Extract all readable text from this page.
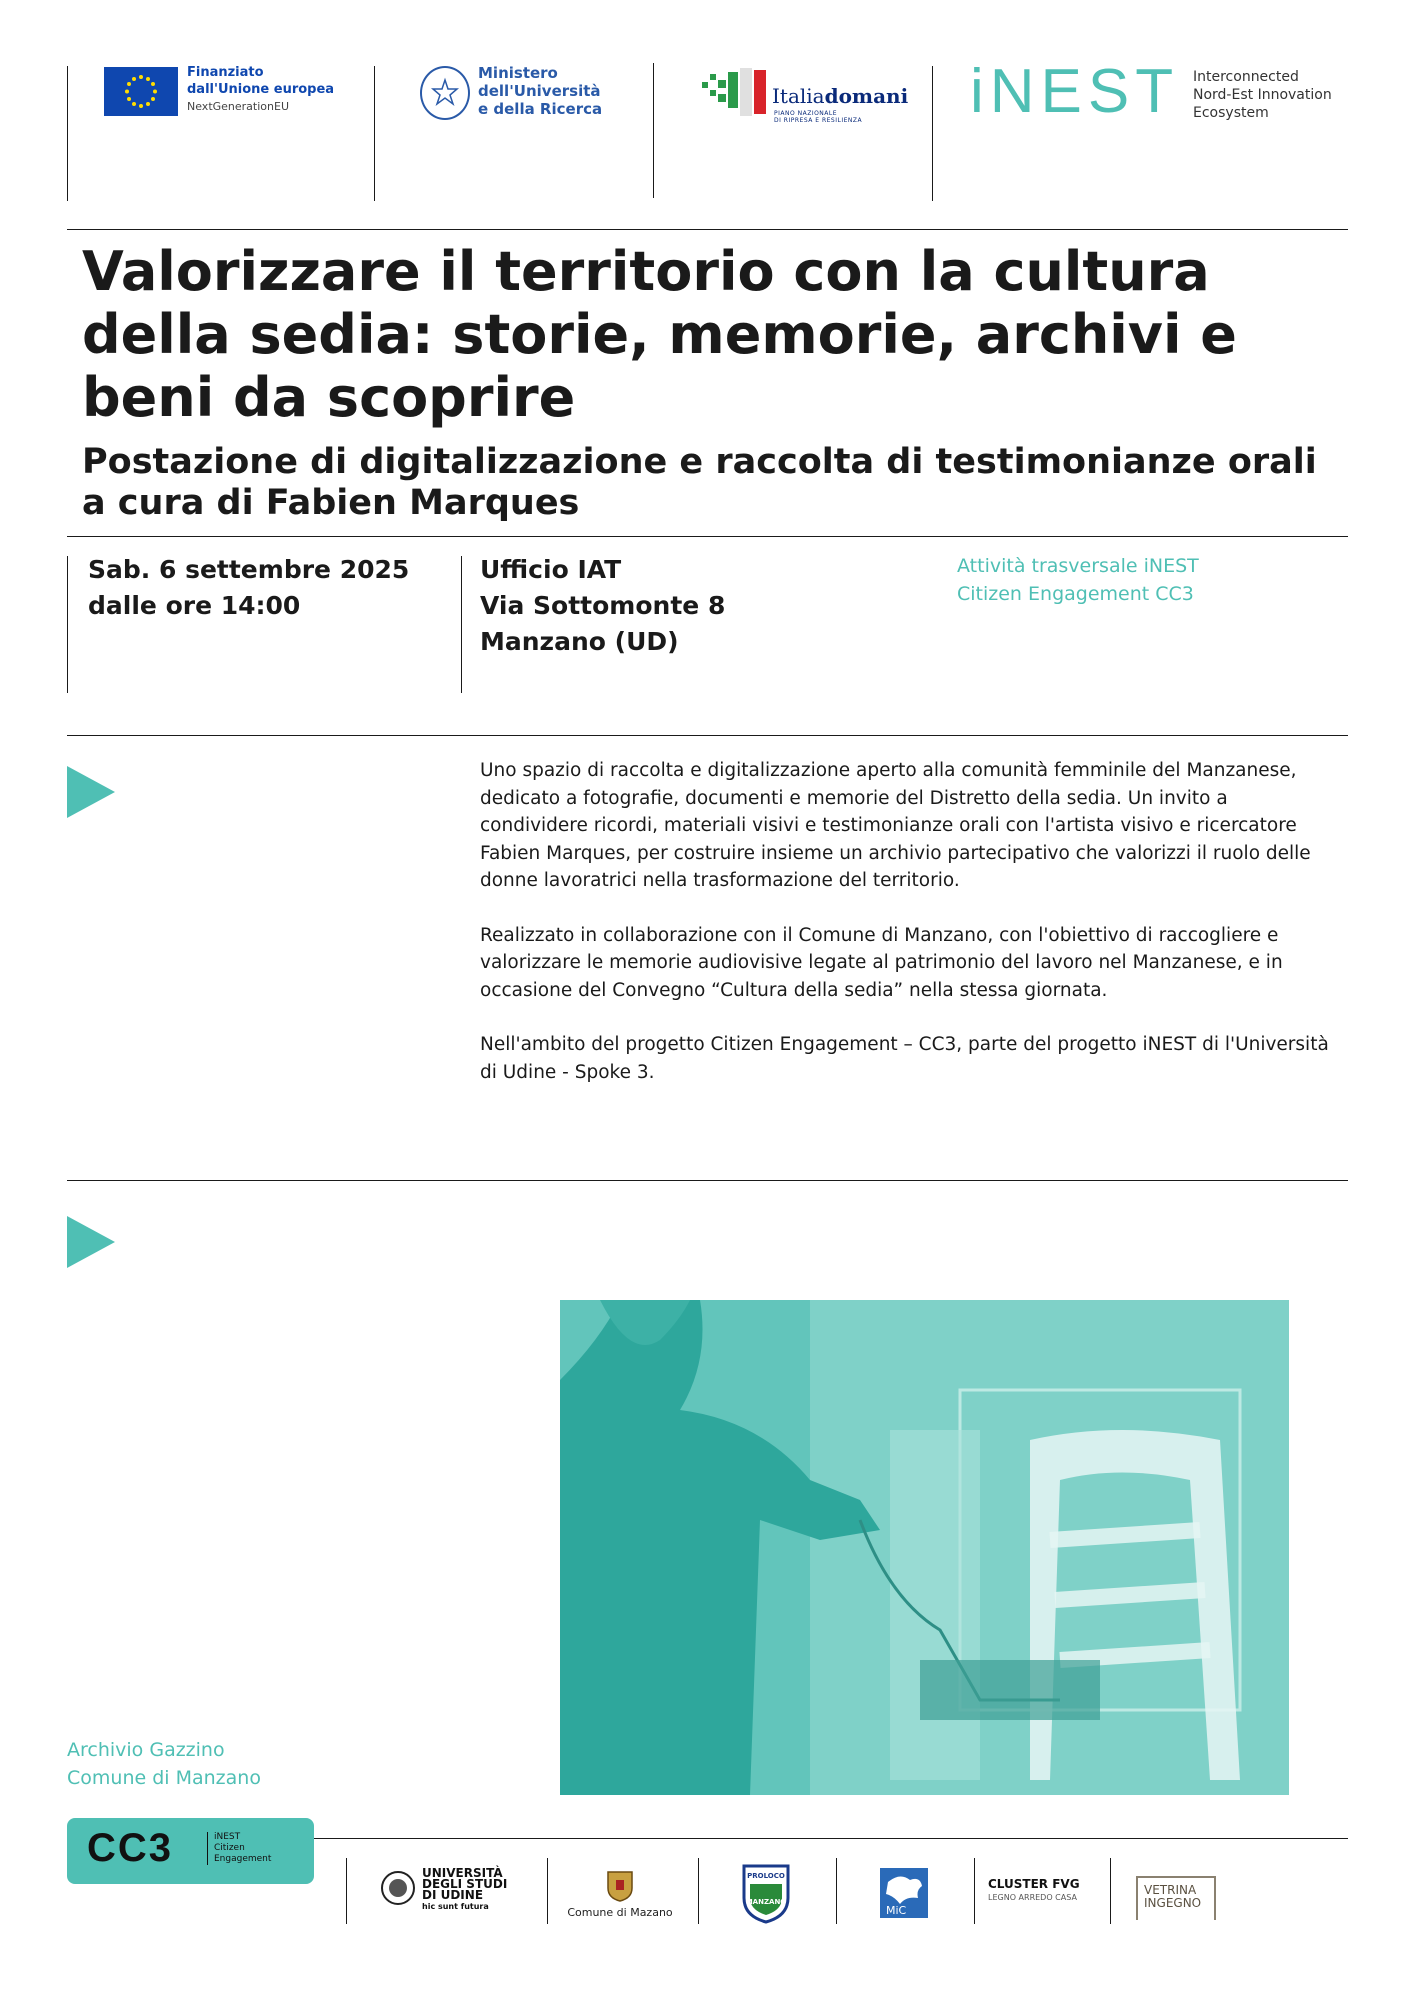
Finanziato
dall'Unione europea
NextGenerationEU
Ministero
dell'Università
e della Ricerca
Italiadomani
PIANO NAZIONALE
DI RIPRESA E RESILIENZA iNEST Interconnected
Nord-Est Innovation
Ecosystem
Valorizzare il territorio con la cultura della sedia: storie, memorie, archivi e beni da scoprire
Postazione di digitalizzazione e raccolta di testimonianze orali a cura di Fabien Marques
Sab. 6 settembre 2025
dalle ore 14:00
Ufficio IAT
Via Sottomonte 8
Manzano (UD)
Attività trasversale iNEST
Citizen Engagement CC3

Uno spazio di raccolta e digitalizzazione aperto alla comunità femminile del Manzanese, dedicato a fotografie, documenti e memorie del Distretto della sedia. Un invito a condividere ricordi, materiali visivi e testimonianze orali con l'artista visivo e ricercatore Fabien Marques, per costruire insieme un archivio partecipativo che valorizzi il ruolo delle donne lavoratrici nella trasformazione del territorio.

Realizzato in collaborazione con il Comune di Manzano, con l'obiettivo di raccogliere e valorizzare le memorie audiovisive legate al patrimonio del lavoro nel Manzanese, e in occasione del Convegno “Cultura della sedia” nella stessa giornata.

Nell'ambito del progetto Citizen Engagement – CC3, parte del progetto iNEST di l'Università di Udine - Spoke 3.

Archivio Gazzino
Comune di Manzano
CC3	iNEST
Citizen
Engagement
UNIVERSITÀ
DEGLI STUDI
DI UDINE
hic sunt futura	Comune di Mazano
PROLOCO
MANZANO
MiC
CLUSTER FVG
LEGNO ARREDO CASA
VETRINA
INGEGNO
